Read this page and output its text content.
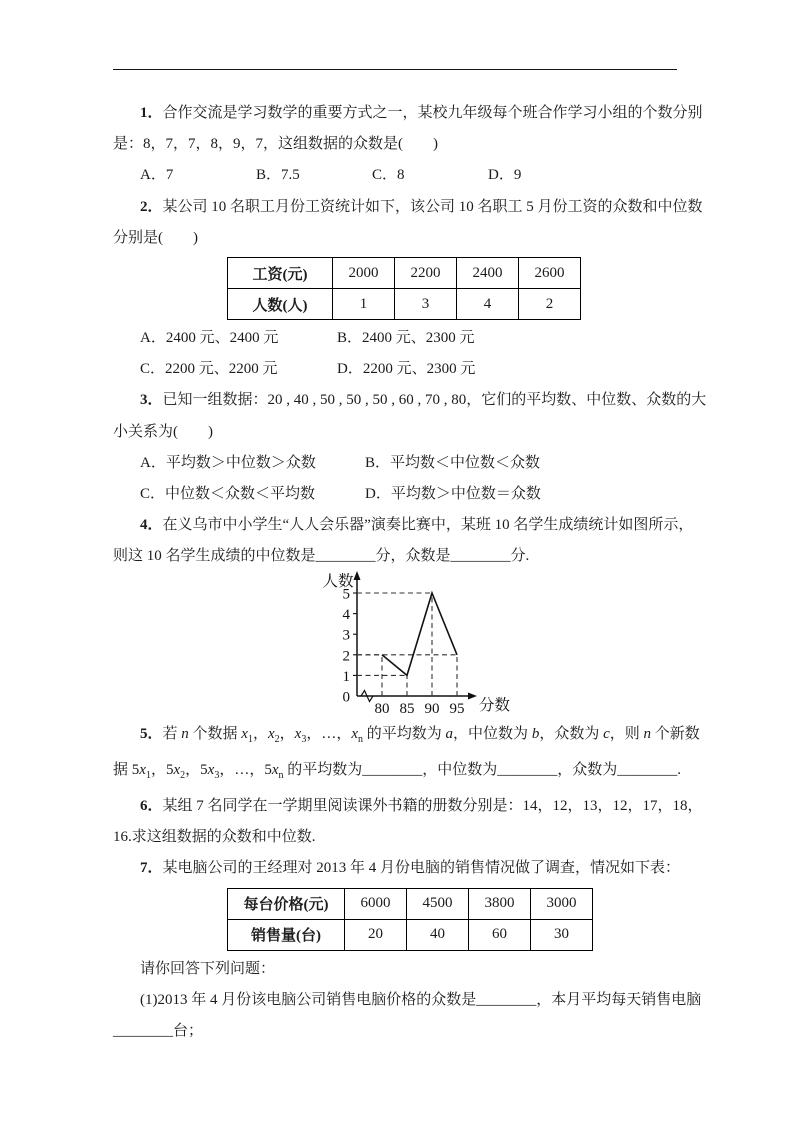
1．合作交流是学习数学的重要方式之一，某校九年级每个班合作学习小组的个数分别

是：8，7，7，8，9，7，这组数据的众数是(　　)

A．7	B．7.5	C．8	D．9

2．某公司 10 名职工月份工资统计如下，该公司 10 名职工 5 月份工资的众数和中位数

分别是(　　)

工资(元)	2000	2200	2400	2600
人数(人)	1	3	4	2
A．2400 元、2400 元	B．2400 元、2300 元
C．2200 元、2200 元	D．2200 元、2300 元

3．已知一组数据：20 , 40 , 50 , 50 , 50 , 60 , 70 , 80，它们的平均数、中位数、众数的大

小关系为(　　)

A．平均数＞中位数＞众数	B．平均数＜中位数＜众数
C．中位数＜众数＜平均数	D．平均数＞中位数＝众数

4．在义乌市中小学生“人人会乐器”演奏比赛中，某班 10 名学生成绩统计如图所示，

则这 10 名学生成绩的中位数是________分，众数是________分.

0
1
2
3
4
5
80 85 90 95
人数
分数

5．若 n 个数据 $x_1$，$x_2$，$x_3$，…，$x_n$ 的平均数为 a，中位数为 b，众数为 c，则 n 个新数

据 $5x_1$，$5x_2$，$5x_3$，…，$5x_n$ 的平均数为________，中位数为________，众数为________.

6．某组 7 名同学在一学期里阅读课外书籍的册数分别是：14，12，13，12，17，18，

16.求这组数据的众数和中位数.

7．某电脑公司的王经理对 2013 年 4 月份电脑的销售情况做了调查，情况如下表：

每台价格(元)	6000	4500	3800	3000
销售量(台)	20	40	60	30

请你回答下列问题：

(1)2013 年 4 月份该电脑公司销售电脑价格的众数是________，本月平均每天销售电脑

________台；
